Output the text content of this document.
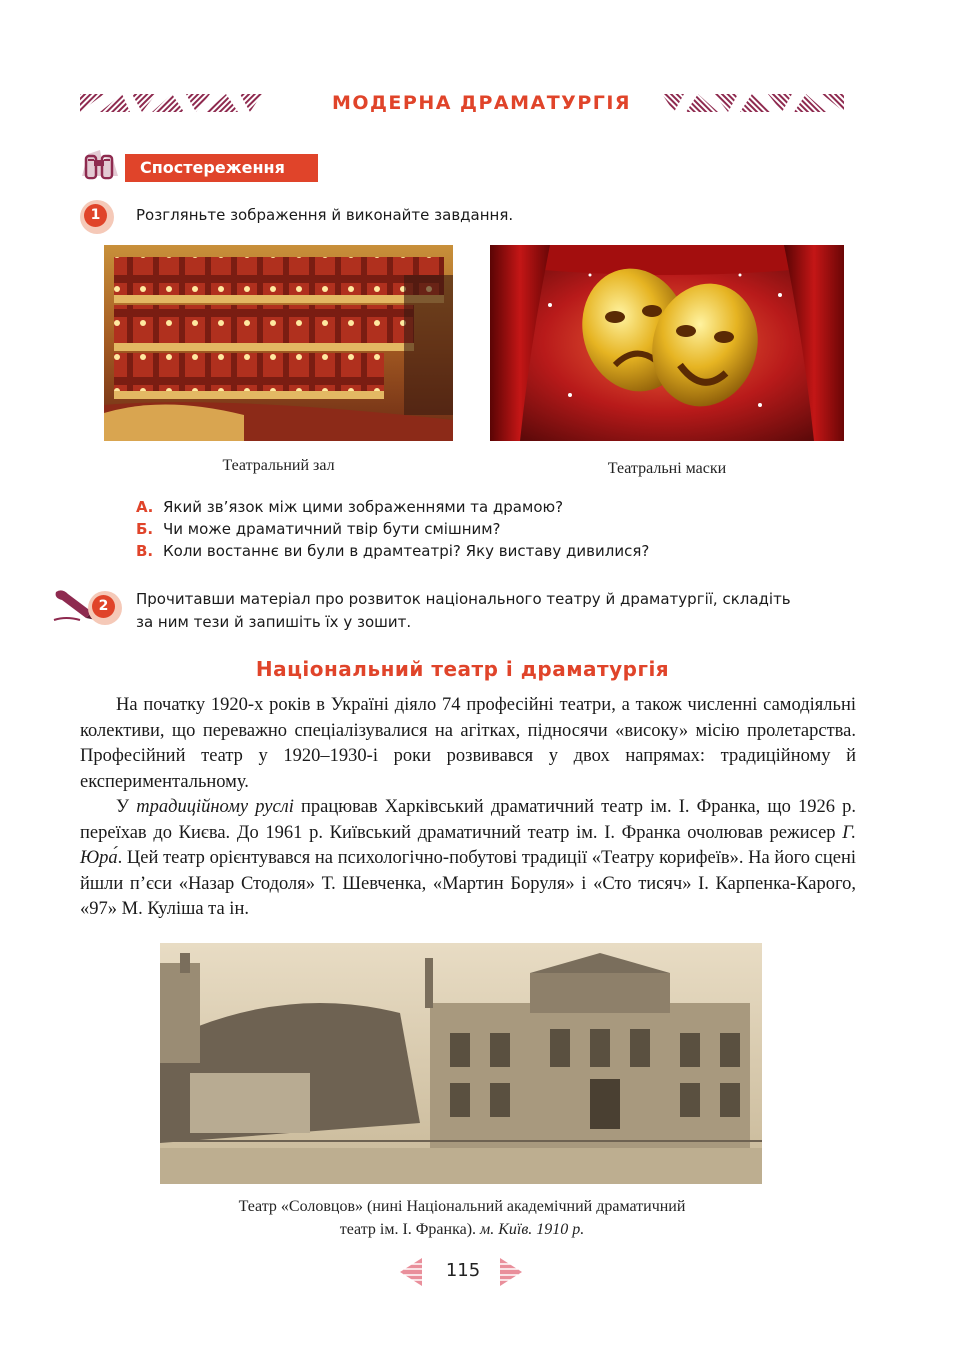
МОДЕРНА ДРАМАТУРГІЯ
Спостереження
1	Розгляньте зображення й виконайте завдання.
Театральний зал	Театральні маски
А. Який зв’язок між цими зображеннями та драмою?
Б. Чи може драматичний твір бути смішним?
В. Коли востаннє ви були в драмтеатрі? Яку виставу дивилися?
2	Прочитавши матеріал про розвиток національного театру й драматургії, складіть
за ним тези й запишіть їх у зошит.
Національний театр і драматургія

На початку 1920-х років в Україні діяло 74 професійні театри, а також численні самодіяльні колективи, що переважно спеціалізувалися на агітках, підносячи «високу» місію пролетарства. Професійний театр у 1920–1930-і роки розвивався у двох напрямах: традиційному й експериментальному.

У традиційному руслі працював Харківський драматичний театр ім. І. Франка, що 1926 р. переїхав до Києва. До 1961 р. Київський драматичний театр ім. І. Франка очолював режисер Г. Юра́. Цей театр орієнтувався на психологічно-побутові традиції «Театру корифеїв». На його сцені йшли п’єси «Назар Стодоля» Т. Шевченка, «Мартин Боруля» і «Сто тисяч» І. Карпенка-Карого, «97» М. Куліша та ін.

Театр «Соловцов» (нині Національний академічний драматичний
театр ім. І. Франка). м. Київ. 1910 р.
115
